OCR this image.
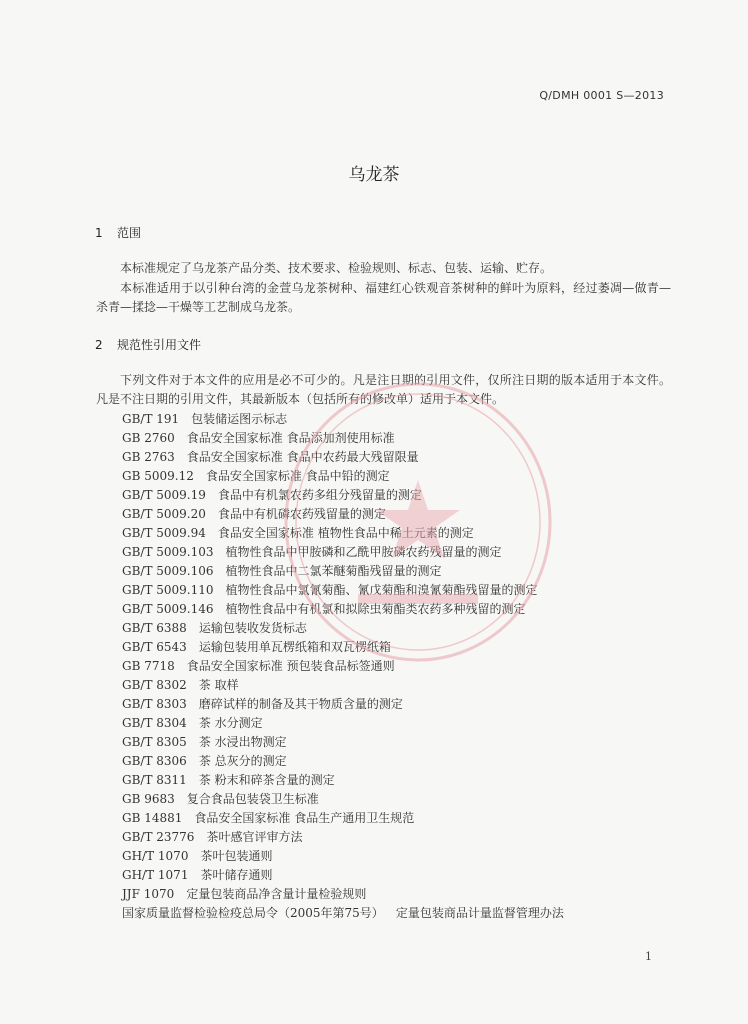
Q/DMH 0001 S—2013
乌龙茶
1 范围
本标准规定了乌龙茶产品分类、技术要求、检验规则、标志、包装、运输、贮存。
本标准适用于以引种台湾的金萱乌龙茶树种、福建红心铁观音茶树种的鲜叶为原料，经过萎凋—做青—杀青—揉捻—干燥等工艺制成乌龙茶。
2 规范性引用文件
下列文件对于本文件的应用是必不可少的。凡是注日期的引用文件，仅所注日期的版本适用于本文件。凡是不注日期的引用文件，其最新版本（包括所有的修改单）适用于本文件。
GB/T 191 包装储运图示标志
GB 2760 食品安全国家标准 食品添加剂使用标准
GB 2763 食品安全国家标准 食品中农药最大残留限量
GB 5009.12 食品安全国家标准 食品中铅的测定
GB/T 5009.19 食品中有机氯农药多组分残留量的测定
GB/T 5009.20 食品中有机磷农药残留量的测定
GB/T 5009.94 食品安全国家标准 植物性食品中稀土元素的测定
GB/T 5009.103 植物性食品中甲胺磷和乙酰甲胺磷农药残留量的测定
GB/T 5009.106 植物性食品中二氯苯醚菊酯残留量的测定
GB/T 5009.110 植物性食品中氯氰菊酯、氰戊菊酯和溴氰菊酯残留量的测定
GB/T 5009.146 植物性食品中有机氯和拟除虫菊酯类农药多种残留的测定
GB/T 6388 运输包装收发货标志
GB/T 6543 运输包装用单瓦楞纸箱和双瓦楞纸箱
GB 7718 食品安全国家标准 预包装食品标签通则
GB/T 8302 茶 取样
GB/T 8303 磨碎试样的制备及其干物质含量的测定
GB/T 8304 茶 水分测定
GB/T 8305 茶 水浸出物测定
GB/T 8306 茶 总灰分的测定
GB/T 8311 茶 粉末和碎茶含量的测定
GB 9683 复合食品包装袋卫生标准
GB 14881 食品安全国家标准 食品生产通用卫生规范
GB/T 23776 茶叶感官评审方法
GH/T 1070 茶叶包装通则
GH/T 1071 茶叶储存通则
JJF 1070 定量包装商品净含量计量检验规则
国家质量监督检验检疫总局令（2005年第75号） 定量包装商品计量监督管理办法
1
